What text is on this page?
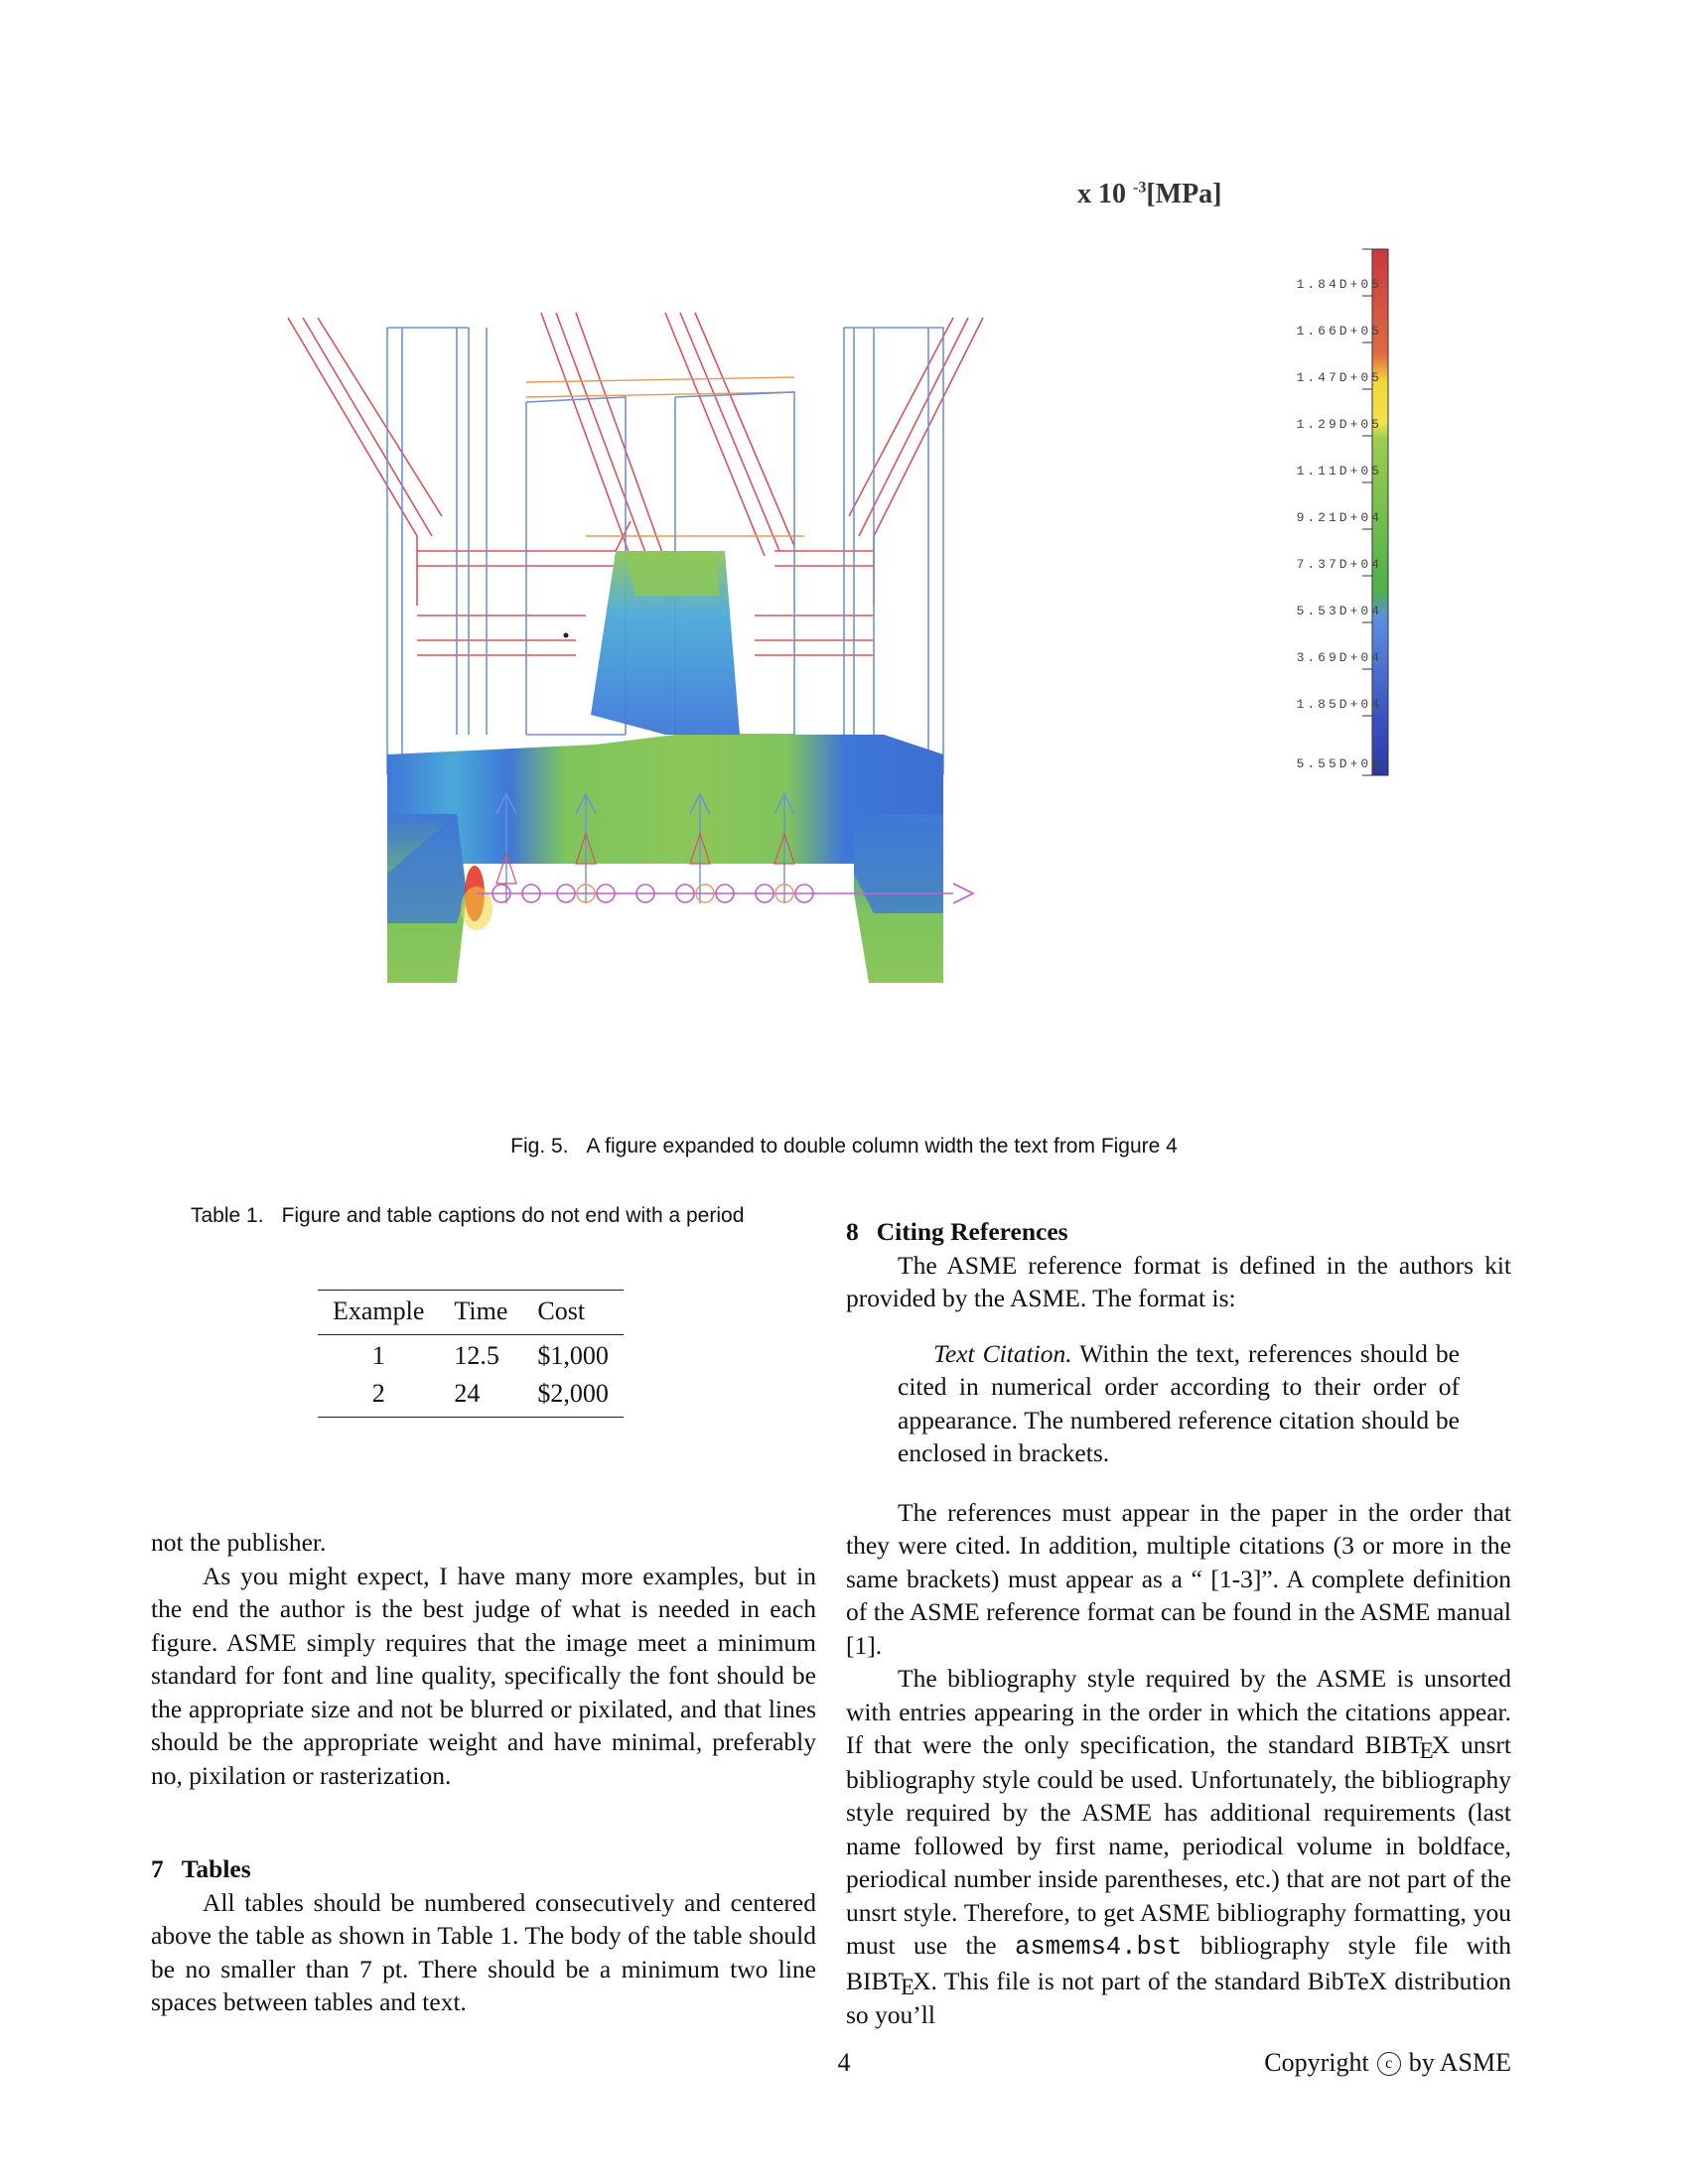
x 10 $^{-3}$[MPa]
1.84D+05
1.66D+05
1.47D+05
1.29D+05
1.11D+05
9.21D+04
7.37D+04
5.53D+04
3.69D+04
1.85D+04
5.55D+01
Fig. 5. A figure expanded to double column width the text from Figure 4
Table 1. Figure and table captions do not end with a period
Example	Time	Cost
1	12.5	$1,000
2	24	$2,000

not the publisher.

As you might expect, I have many more examples, but in the end the author is the best judge of what is needed in each figure. ASME simply requires that the image meet a minimum standard for font and line quality, specifically the font should be the appropriate size and not be blurred or pixilated, and that lines should be the appropriate weight and have minimal, preferably no, pixilation or rasterization.

7 Tables

All tables should be numbered consecutively and centered above the table as shown in Table 1. The body of the table should be no smaller than 7 pt. There should be a minimum two line spaces between tables and text.

8 Citing References

The ASME reference format is defined in the authors kit provided by the ASME. The format is:

Text Citation. Within the text, references should be cited in numerical order according to their order of appearance. The numbered reference citation should be enclosed in brackets.

The references must appear in the paper in the order that they were cited. In addition, multiple citations (3 or more in the same brackets) must appear as a “ [1-3]”. A complete definition of the ASME reference format can be found in the ASME manual [1].

The bibliography style required by the ASME is unsorted with entries appearing in the order in which the citations appear. If that were the only specification, the standard BIBTEX unsrt bibliography style could be used. Unfortunately, the bibliography style required by the ASME has additional requirements (last name followed by first name, periodical volume in boldface, periodical number inside parentheses, etc.) that are not part of the unsrt style. Therefore, to get ASME bibliography formatting, you must use the asmems4.bst bibliography style file with BIBTEX. This file is not part of the standard BibTeX distribution so you’ll

4	Copyright c by ASME
